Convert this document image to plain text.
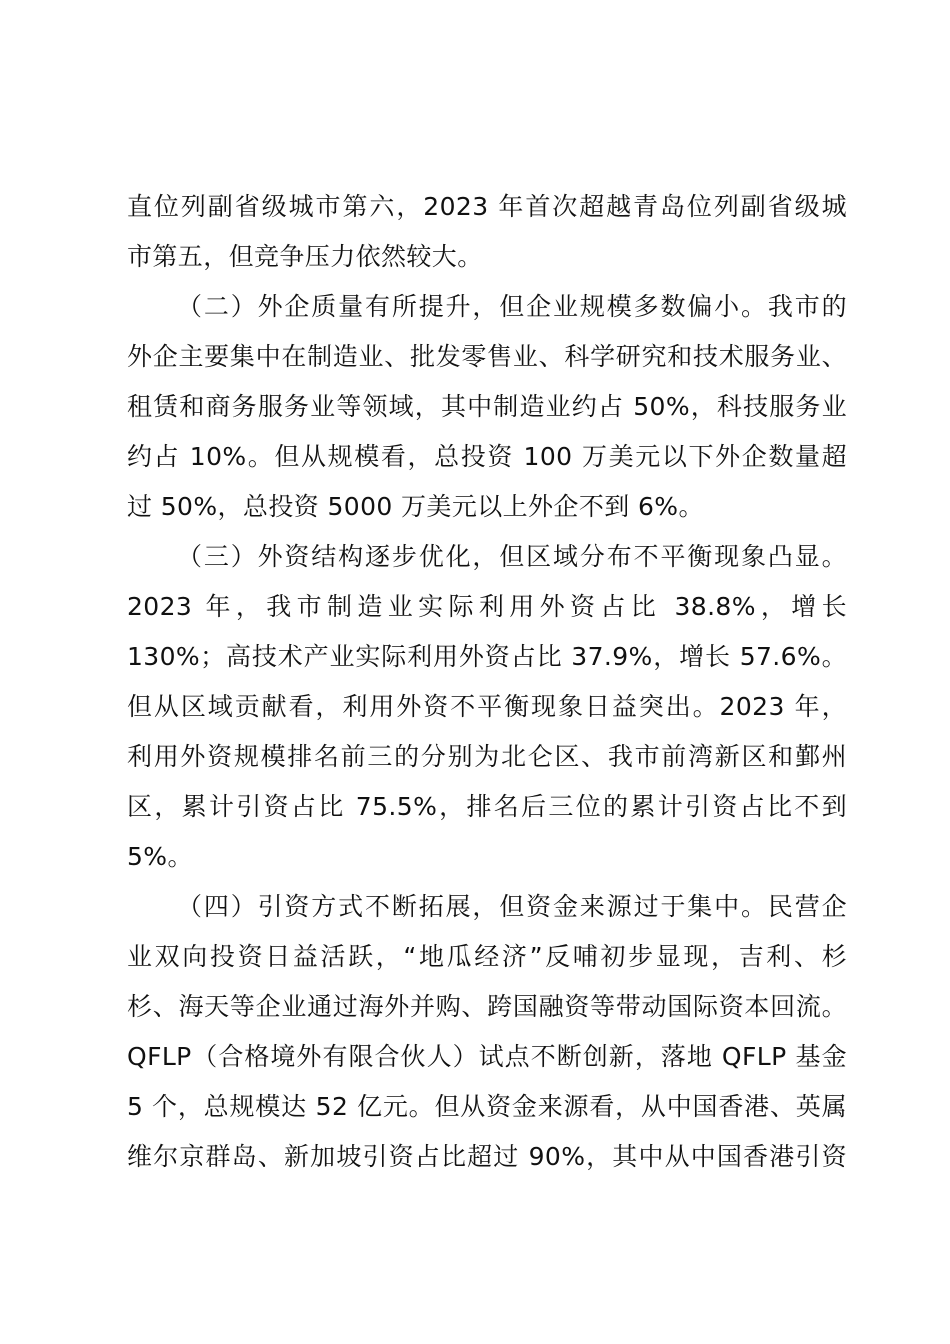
直位列副省级城市第六，2023 年首次超越青岛位列副省级城
市第五，但竞争压力依然较大。
（二）外企质量有所提升，但企业规模多数偏小。我市的
外企主要集中在制造业、批发零售业、科学研究和技术服务业、
租赁和商务服务业等领域，其中制造业约占 50%，科技服务业
约占 10%。但从规模看，总投资 100 万美元以下外企数量超
过 50%，总投资 5000 万美元以上外企不到 6%。
（三）外资结构逐步优化，但区域分布不平衡现象凸显。
2023 年，我市制造业实际利用外资占比 38.8%，增长
130%；高技术产业实际利用外资占比 37.9%，增长 57.6%。
但从区域贡献看，利用外资不平衡现象日益突出。2023 年，
利用外资规模排名前三的分别为北仑区、我市前湾新区和鄞州
区，累计引资占比 75.5%，排名后三位的累计引资占比不到
5%。
（四）引资方式不断拓展，但资金来源过于集中。民营企
业双向投资日益活跃，“地瓜经济”反哺初步显现，吉利、杉
杉、海天等企业通过海外并购、跨国融资等带动国际资本回流。
QFLP（合格境外有限合伙人）试点不断创新，落地 QFLP 基金
5 个，总规模达 52 亿元。但从资金来源看，从中国香港、英属
维尔京群岛、新加坡引资占比超过 90%，其中从中国香港引资
